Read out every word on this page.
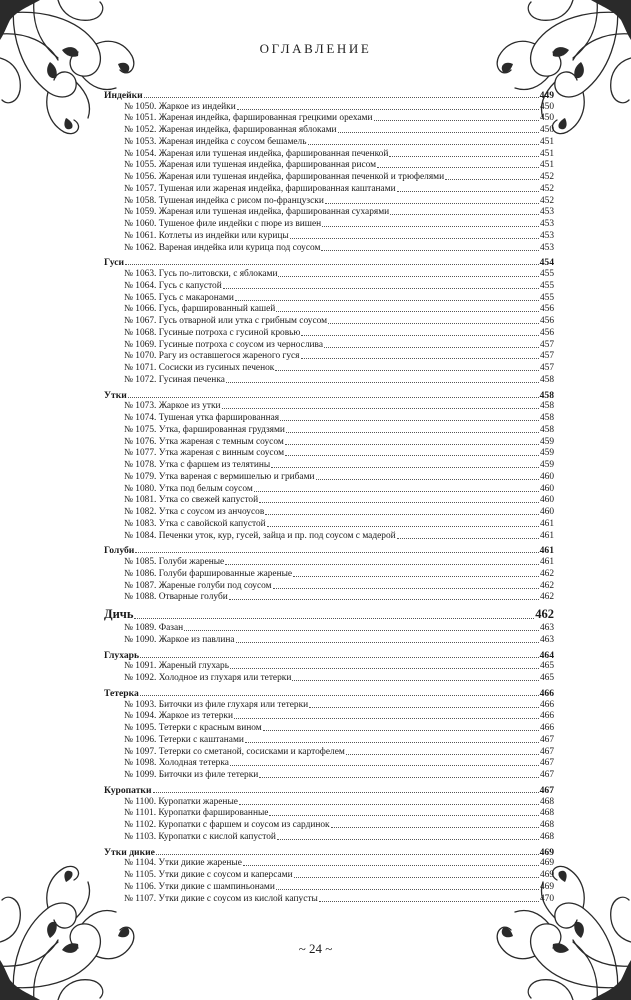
ОГЛАВЛЕНИЕ
Индейки	449
№ 1050. Жаркое из индейки	450
№ 1051. Жареная индейка, фаршированная грецкими орехами	450
№ 1052. Жареная индейка, фаршированная яблоками	450
№ 1053. Жареная индейка с соусом бешамель	451
№ 1054. Жареная или тушеная индейка, фаршированная печенкой	451
№ 1055. Жареная или тушеная индейка, фаршированная рисом	451
№ 1056. Жареная или тушеная индейка, фаршированная печенкой и трюфелями	452
№ 1057. Тушеная или жареная индейка, фаршированная каштанами	452
№ 1058. Тушеная индейка с рисом по-французски	452
№ 1059. Жареная или тушеная индейка, фаршированная сухарями	453
№ 1060. Тушеное филе индейки с пюре из вишен	453
№ 1061. Котлеты из индейки или курицы	453
№ 1062. Вареная индейка или курица под соусом	453
Гуси	454
№ 1063. Гусь по-литовски, с яблоками	455
№ 1064. Гусь с капустой	455
№ 1065. Гусь с макаронами	455
№ 1066. Гусь, фаршированный кашей	456
№ 1067. Гусь отварной или утка с грибным соусом	456
№ 1068. Гусиные потроха с гусиной кровью	456
№ 1069. Гусиные потроха с соусом из чернослива	457
№ 1070. Рагу из оставшегося жареного гуся	457
№ 1071. Сосиски из гусиных печенок	457
№ 1072. Гусиная печенка	458
Утки	458
№ 1073. Жаркое из утки	458
№ 1074. Тушеная утка фаршированная	458
№ 1075. Утка, фаршированная грудзями	458
№ 1076. Утка жареная с темным соусом	459
№ 1077. Утка жареная с винным соусом	459
№ 1078. Утка с фаршем из телятины	459
№ 1079. Утка вареная с вермишелью и грибами	460
№ 1080. Утка под белым соусом	460
№ 1081. Утка со свежей капустой	460
№ 1082. Утка с соусом из анчоусов	460
№ 1083. Утка с савойской капустой	461
№ 1084. Печенки уток, кур, гусей, зайца и пр. под соусом с мадерой	461
Голуби	461
№ 1085. Голуби жареные	461
№ 1086. Голуби фаршированные жареные	462
№ 1087. Жареные голуби под соусом	462
№ 1088. Отварные голуби	462
Дичь	462
№ 1089. Фазан	463
№ 1090. Жаркое из павлина	463
Глухарь	464
№ 1091. Жареный глухарь	465
№ 1092. Холодное из глухаря или тетерки	465
Тетерка	466
№ 1093. Биточки из филе глухаря или тетерки	466
№ 1094. Жаркое из тетерки	466
№ 1095. Тетерки с красным вином	466
№ 1096. Тетерки с каштанами	467
№ 1097. Тетерки со сметаной, сосисками и картофелем	467
№ 1098. Холодная тетерка	467
№ 1099. Биточки из филе тетерки	467
Куропатки	467
№ 1100. Куропатки жареные	468
№ 1101. Куропатки фаршированные	468
№ 1102. Куропатки с фаршем и соусом из сардинок	468
№ 1103. Куропатки с кислой капустой	468
Утки дикие	469
№ 1104. Утки дикие жареные	469
№ 1105. Утки дикие с соусом и каперсами	469
№ 1106. Утки дикие с шампиньонами	469
№ 1107. Утки дикие с соусом из кислой капусты	470
~ 24 ~
